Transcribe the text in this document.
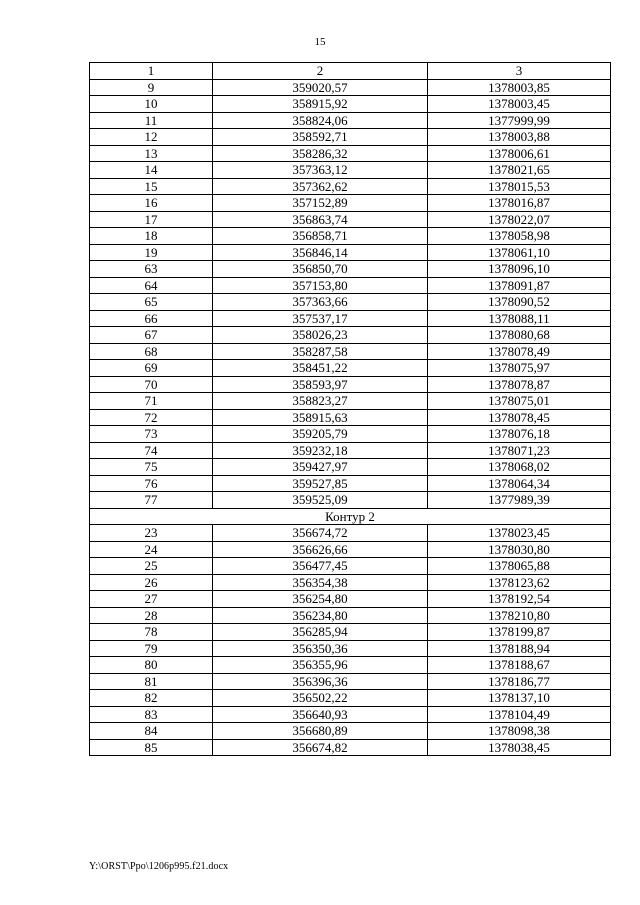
15
1	2	3
9	359020,57	1378003,85
10	358915,92	1378003,45
11	358824,06	1377999,99
12	358592,71	1378003,88
13	358286,32	1378006,61
14	357363,12	1378021,65
15	357362,62	1378015,53
16	357152,89	1378016,87
17	356863,74	1378022,07
18	356858,71	1378058,98
19	356846,14	1378061,10
63	356850,70	1378096,10
64	357153,80	1378091,87
65	357363,66	1378090,52
66	357537,17	1378088,11
67	358026,23	1378080,68
68	358287,58	1378078,49
69	358451,22	1378075,97
70	358593,97	1378078,87
71	358823,27	1378075,01
72	358915,63	1378078,45
73	359205,79	1378076,18
74	359232,18	1378071,23
75	359427,97	1378068,02
76	359527,85	1378064,34
77	359525,09	1377989,39
Контур 2		
23	356674,72	1378023,45
24	356626,66	1378030,80
25	356477,45	1378065,88
26	356354,38	1378123,62
27	356254,80	1378192,54
28	356234,80	1378210,80
78	356285,94	1378199,87
79	356350,36	1378188,94
80	356355,96	1378188,67
81	356396,36	1378186,77
82	356502,22	1378137,10
83	356640,93	1378104,49
84	356680,89	1378098,38
85	356674,82	1378038,45
Y:\ORST\Ppo\1206p995.f21.docx
